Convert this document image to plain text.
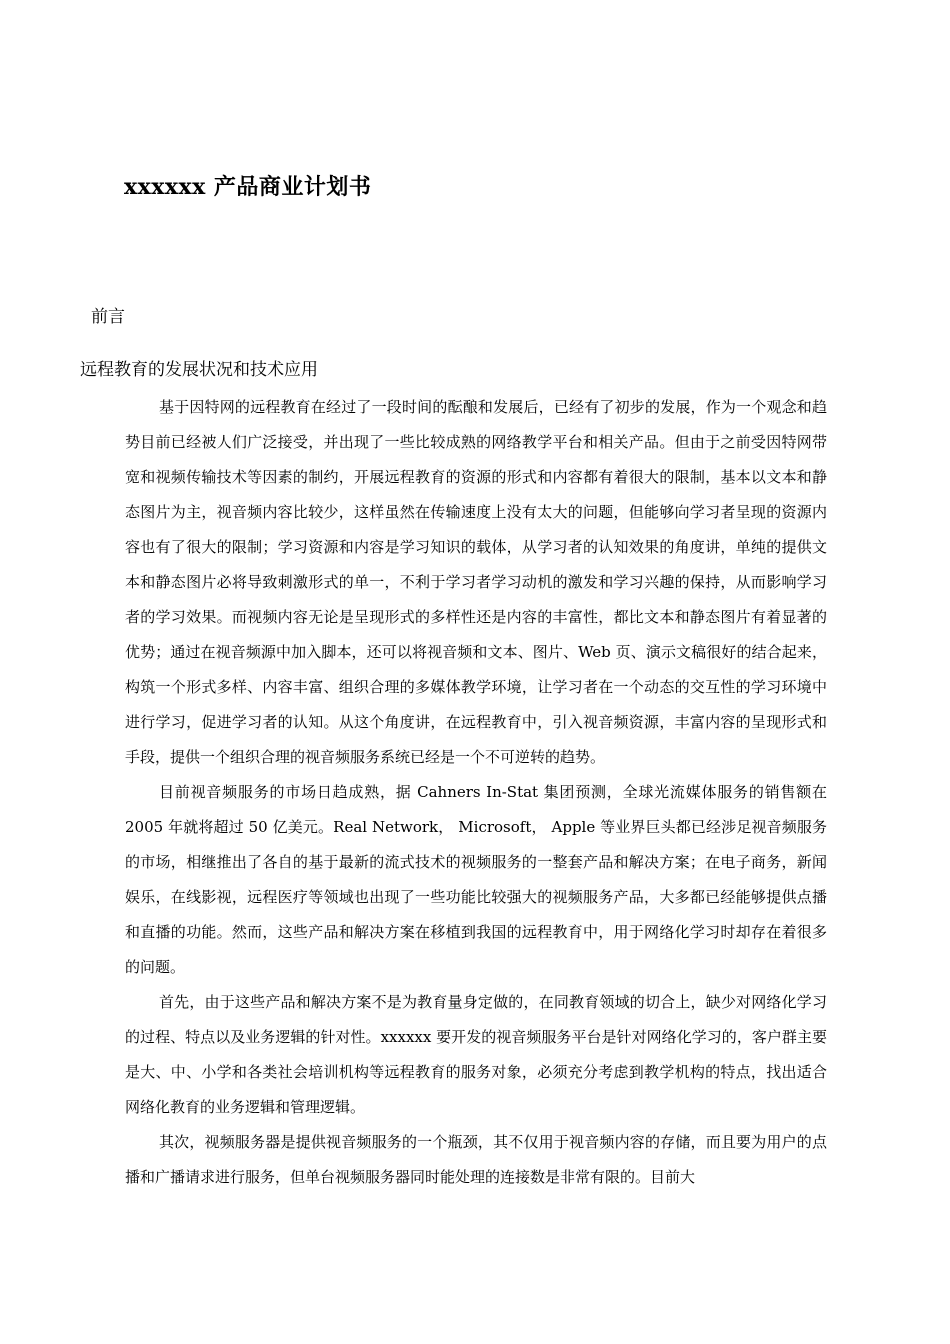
xxxxxx 产品商业计划书
前言
远程教育的发展状况和技术应用

基于因特网的远程教育在经过了一段时间的酝酿和发展后，已经有了初步的发展，作为一个观念和趋势目前已经被人们广泛接受，并出现了一些比较成熟的网络教学平台和相关产品。但由于之前受因特网带宽和视频传输技术等因素的制约，开展远程教育的资源的形式和内容都有着很大的限制，基本以文本和静态图片为主，视音频内容比较少，这样虽然在传输速度上没有太大的问题，但能够向学习者呈现的资源内容也有了很大的限制；学习资源和内容是学习知识的载体，从学习者的认知效果的角度讲，单纯的提供文本和静态图片必将导致刺激形式的单一，不利于学习者学习动机的激发和学习兴趣的保持，从而影响学习者的学习效果。而视频内容无论是呈现形式的多样性还是内容的丰富性，都比文本和静态图片有着显著的优势；通过在视音频源中加入脚本，还可以将视音频和文本、图片、Web 页、演示文稿很好的结合起来，构筑一个形式多样、内容丰富、组织合理的多媒体教学环境，让学习者在一个动态的交互性的学习环境中进行学习，促进学习者的认知。从这个角度讲，在远程教育中，引入视音频资源，丰富内容的呈现形式和手段，提供一个组织合理的视音频服务系统已经是一个不可逆转的趋势。

目前视音频服务的市场日趋成熟，据 Cahners In-Stat 集团预测，全球光流媒体服务的销售额在 2005 年就将超过 50 亿美元。Real Network， Microsoft， Apple 等业界巨头都已经涉足视音频服务的市场，相继推出了各自的基于最新的流式技术的视频服务的一整套产品和解决方案；在电子商务，新闻娱乐，在线影视，远程医疗等领域也出现了一些功能比较强大的视频服务产品，大多都已经能够提供点播和直播的功能。然而，这些产品和解决方案在移植到我国的远程教育中，用于网络化学习时却存在着很多的问题。

首先，由于这些产品和解决方案不是为教育量身定做的，在同教育领域的切合上，缺少对网络化学习的过程、特点以及业务逻辑的针对性。xxxxxx 要开发的视音频服务平台是针对网络化学习的，客户群主要是大、中、小学和各类社会培训机构等远程教育的服务对象，必须充分考虑到教学机构的特点，找出适合网络化教育的业务逻辑和管理逻辑。

其次，视频服务器是提供视音频服务的一个瓶颈，其不仅用于视音频内容的存储，而且要为用户的点播和广播请求进行服务，但单台视频服务器同时能处理的连接数是非常有限的。目前大
